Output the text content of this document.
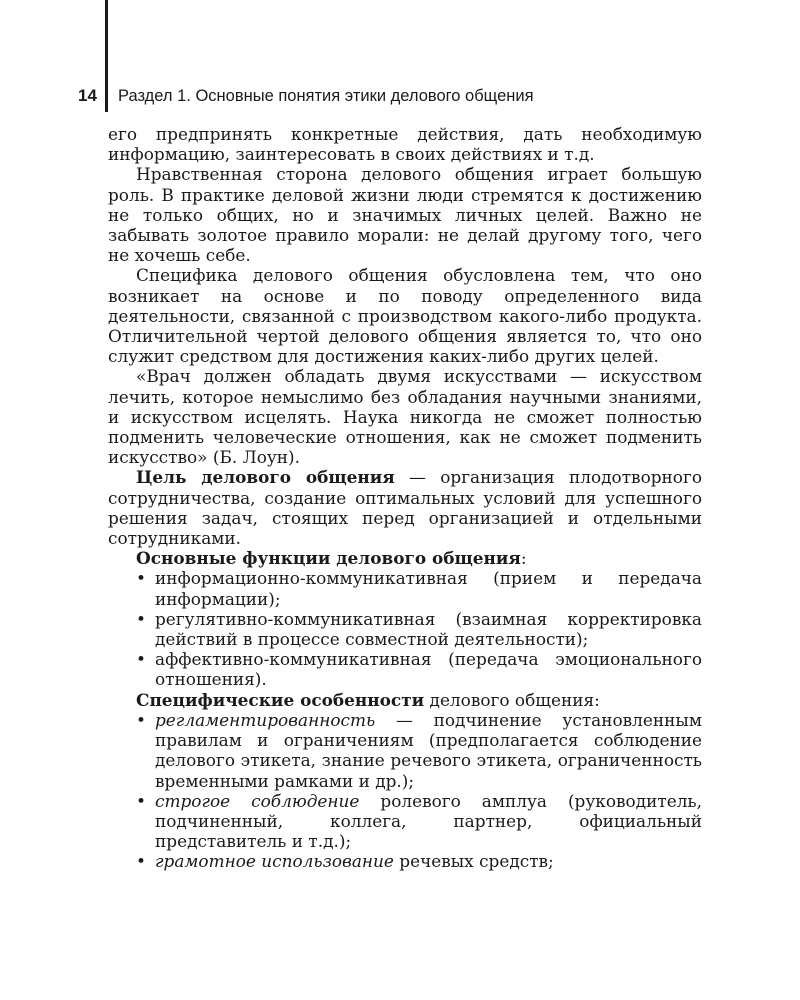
14 Раздел 1. Основные понятия этики делового общения

его предпринять конкретные действия, дать необходимую информацию, заинтересовать в своих действиях и т.д.

Нравственная сторона делового общения играет большую роль. В практике деловой жизни люди стремятся к достижению не только общих, но и значимых личных целей. Важно не забывать золотое правило морали: не делай другому того, чего не хочешь себе.

Специфика делового общения обусловлена тем, что оно возникает на основе и по поводу определенного вида деятельности, связанной с производством какого-либо продукта. Отличительной чертой делового общения является то, что оно служит средством для достижения каких-либо других целей.

«Врач должен обладать двумя искусствами — искусством лечить, которое немыслимо без обладания научными знаниями, и искусством исцелять. Наука никогда не сможет полностью подменить человеческие отношения, как не сможет подменить искусство» (Б. Лоун).

Цель делового общения — организация плодотворного сотрудничества, создание оптимальных условий для успешного решения задач, стоящих перед организацией и отдельными сотрудниками.

Основные функции делового общения:

• информационно-коммуникативная (прием и передача информации);
• регулятивно-коммуникативная (взаимная корректировка действий в процессе совместной деятельности);
• аффективно-коммуникативная (передача эмоционального отношения).

Специфические особенности делового общения:

• регламентированность — подчинение установленным правилам и ограничениям (предполагается соблюдение делового этикета, знание речевого этикета, ограниченность временными рамками и др.);
• строгое соблюдение ролевого амплуа (руководитель, подчиненный, коллега, партнер, официальный представитель и т.д.);
• грамотное использование речевых средств;
